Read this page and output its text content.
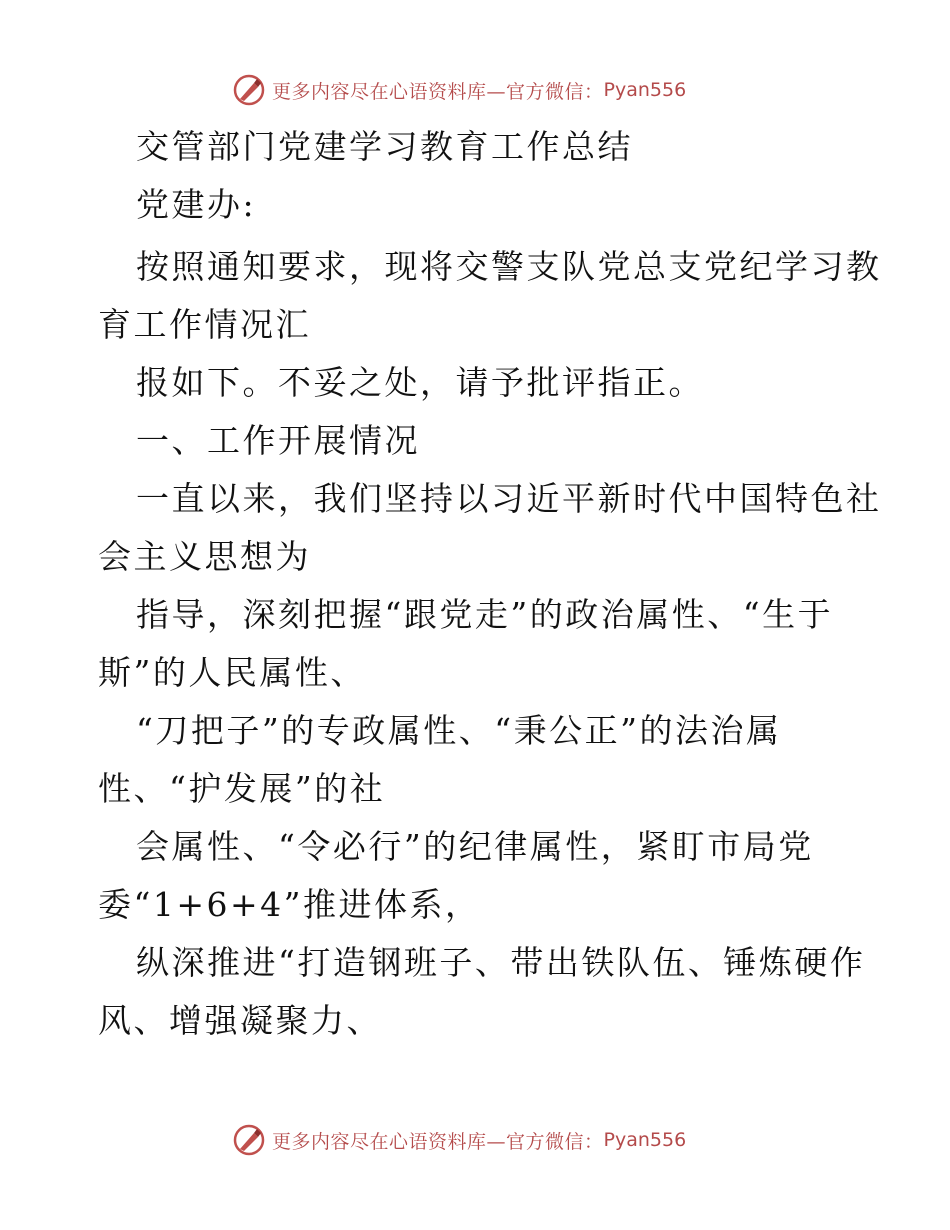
更多内容尽在心语资料库—官方微信： Pyan556
交管部门党建学习教育工作总结
党建办:
按照通知要求，现将交警支队党总支党纪学习教
育工作情况汇
报如下。不妥之处，请予批评指正。
一、工作开展情况
一直以来，我们坚持以习近平新时代中国特色社
会主义思想为
指导，深刻把握“跟党走”的政治属性、“生于
斯”的人民属性、
“刀把子”的专政属性、“秉公正”的法治属
性、“护发展”的社
会属性、“令必行”的纪律属性，紧盯市局党
委“1+6+4”推进体系，
纵深推进“打造钢班子、带出铁队伍、锤炼硬作
风、增强凝聚力、
更多内容尽在心语资料库—官方微信： Pyan556
